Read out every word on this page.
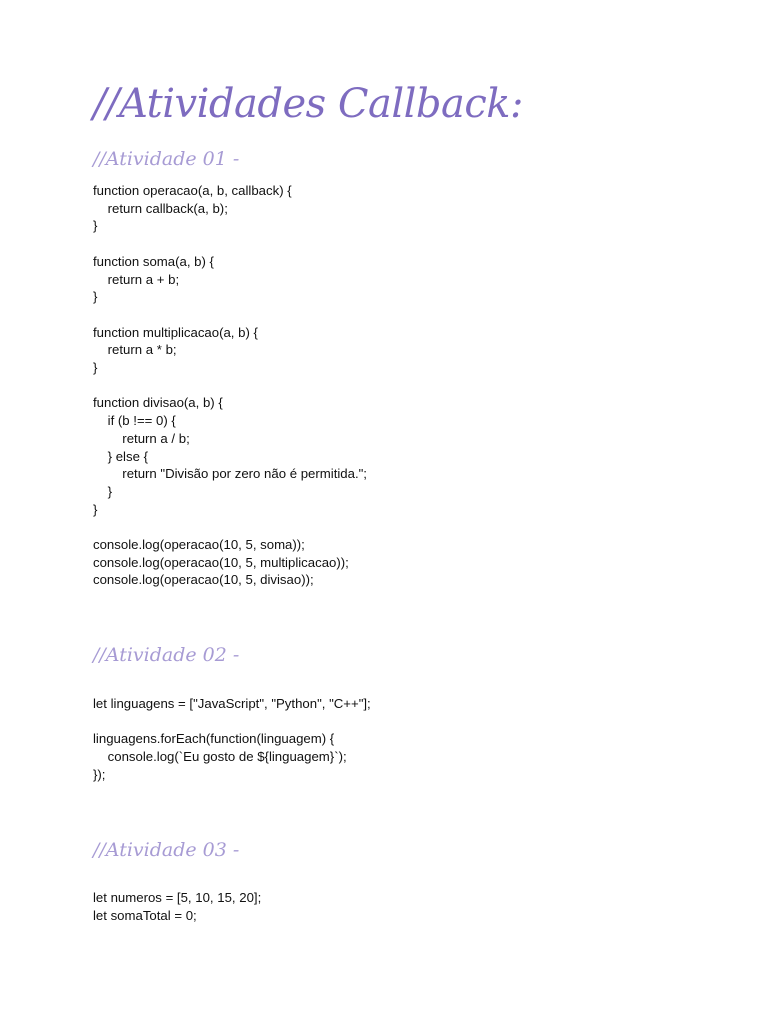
//Atividades Callback:
//Atividade 01 -
function operacao(a, b, callback) {
return callback(a, b);
}

function soma(a, b) {
return a + b;
}

function multiplicacao(a, b) {
return a * b;
}

function divisao(a, b) {
if (b !== 0) {
return a / b;
} else {
return "Divisão por zero não é permitida.";
}
}

console.log(operacao(10, 5, soma));
console.log(operacao(10, 5, multiplicacao));
console.log(operacao(10, 5, divisao));
//Atividade 02 -
let linguagens = ["JavaScript", "Python", "C++"];

linguagens.forEach(function(linguagem) {
console.log(`Eu gosto de ${linguagem}`);
});
//Atividade 03 -
let numeros = [5, 10, 15, 20];
let somaTotal = 0;
